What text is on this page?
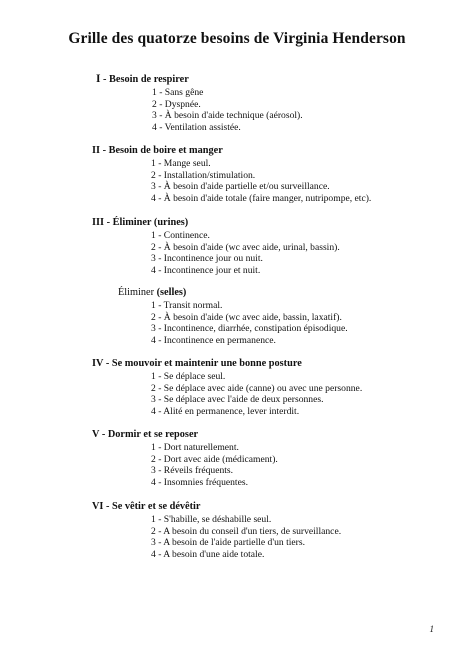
Grille des quatorze besoins de Virginia Henderson
I - Besoin de respirer
1 - Sans gêne
2 - Dyspnée.
3 - À besoin d'aide technique (aérosol).
4 - Ventilation assistée.
II - Besoin de boire et manger
1 - Mange seul.
2 - Installation/stimulation.
3 - À besoin d'aide partielle et/ou surveillance.
4 - À besoin d'aide totale (faire manger, nutripompe, etc).
III - Éliminer (urines)
1 - Continence.
2 - À besoin d'aide (wc avec aide, urinal, bassin).
3 - Incontinence jour ou nuit.
4 - Incontinence jour et nuit.
Éliminer (selles)
1 - Transit normal.
2 - À besoin d'aide (wc avec aide, bassin, laxatif).
3 - Incontinence, diarrhée, constipation épisodique.
4 - Incontinence en permanence.
IV - Se mouvoir et maintenir une bonne posture
1 - Se déplace seul.
2 - Se déplace avec aide (canne) ou avec une personne.
3 - Se déplace avec l'aide de deux personnes.
4 - Alité en permanence, lever interdit.
V - Dormir et se reposer
1 - Dort naturellement.
2 - Dort avec aide (médicament).
3 - Réveils fréquents.
4 - Insomnies fréquentes.
VI - Se vêtir et se dévêtir
1 - S'habille, se déshabille seul.
2 - A besoin du conseil d'un tiers, de surveillance.
3 - A besoin de l'aide partielle d'un tiers.
4 - A besoin d'une aide totale.
1
